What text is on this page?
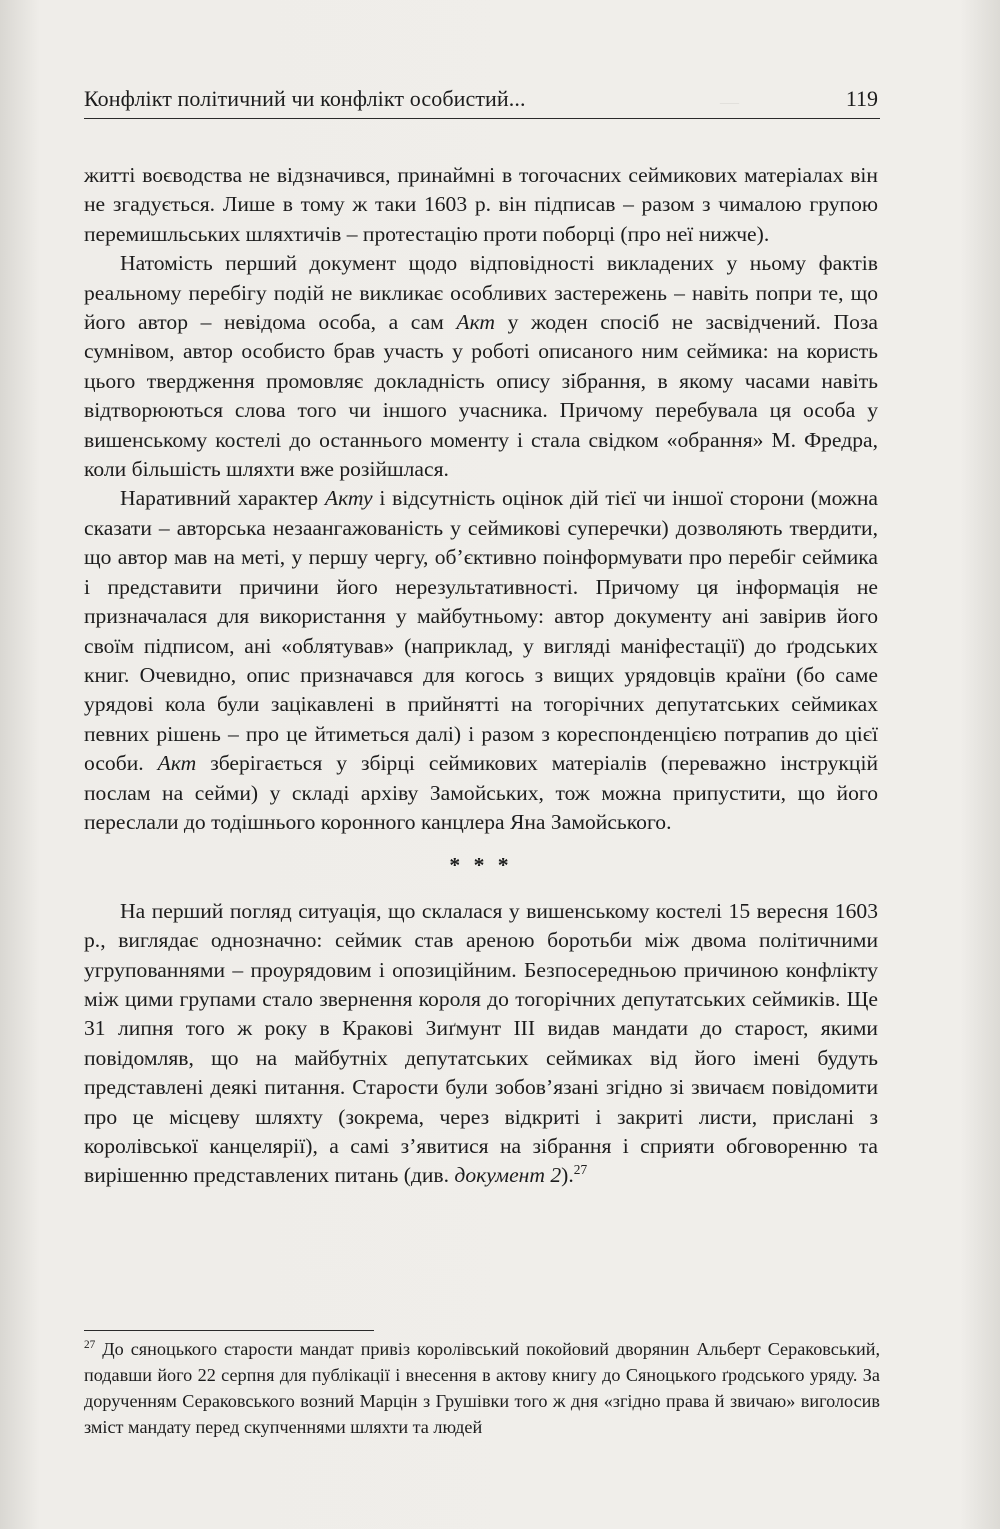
—
Конфлікт політичний чи конфлікт особистий...	119

житті воєводства не відзначився, принаймні в тогочасних сеймикових матеріалах він не згадується. Лише в тому ж таки 1603 р. він підписав – разом з чималою групою перемишльських шляхтичів – протестацію проти поборці (про неї нижче).

Натомість перший документ щодо відповідності викладених у ньому фактів реальному перебігу подій не викликає особливих застережень – навіть попри те, що його автор – невідома особа, а сам Акт у жоден спосіб не засвідчений. Поза сумнівом, автор особисто брав участь у роботі описаного ним сеймика: на користь цього твердження промовляє докладність опису зібрання, в якому часами навіть відтворюються слова того чи іншого учасника. Причому перебувала ця особа у вишенському костелі до останнього моменту і стала свідком «обрання» М. Фредра, коли більшість шляхти вже розійшлася.

Наративний характер Акту і відсутність оцінок дій тієї чи іншої сторони (можна сказати – авторська незаангажованість у сеймикові суперечки) дозволяють твердити, що автор мав на меті, у першу чергу, об’єктивно поінформувати про перебіг сеймика і представити причини його нерезультативності. Причому ця інформація не призначалася для використання у майбутньому: автор документу ані завірив його своїм підписом, ані «облятував» (наприклад, у вигляді маніфестації) до ґродських книг. Очевидно, опис призначався для когось з вищих урядовців країни (бо саме урядові кола були зацікавлені в прийнятті на тогорічних депутатських сеймиках певних рішень – про це йтиметься далі) і разом з кореспонденцією потрапив до цієї особи. Акт зберігається у збірці сеймикових матеріалів (переважно інструкцій послам на сейми) у складі архіву Замойських, тож можна припустити, що його переслали до тодішнього коронного канцлера Яна Замойського.

* * *

На перший погляд ситуація, що склалася у вишенському костелі 15 вересня 1603 р., виглядає однозначно: сеймик став ареною боротьби між двома політичними угрупованнями – проурядовим і опозиційним. Безпосередньою причиною конфлікту між цими групами стало звернення короля до тогорічних депутатських сеймиків. Ще 31 липня того ж року в Кракові Зиґмунт III видав мандати до старост, якими повідомляв, що на майбутніх депутатських сеймиках від його імені будуть представлені деякі питання. Старости були зобов’язані згідно зі звичаєм повідомити про це місцеву шляхту (зокрема, через відкриті і закриті листи, прислані з королівської канцелярії), а самі з’явитися на зібрання і сприяти обговоренню та вирішенню представлених питань (див. документ 2).$^{27}$

$^{27}$ До сяноцького старости мандат привіз королівський покойовий дворянин Альберт Сераковський, подавши його 22 серпня для публікації і внесення в актову книгу до Сяноцького ґродського уряду. За дорученням Сераковського возний Марцін з Грушівки того ж дня «згідно права й звичаю» виголосив зміст мандату перед скупченнями шляхти та людей
